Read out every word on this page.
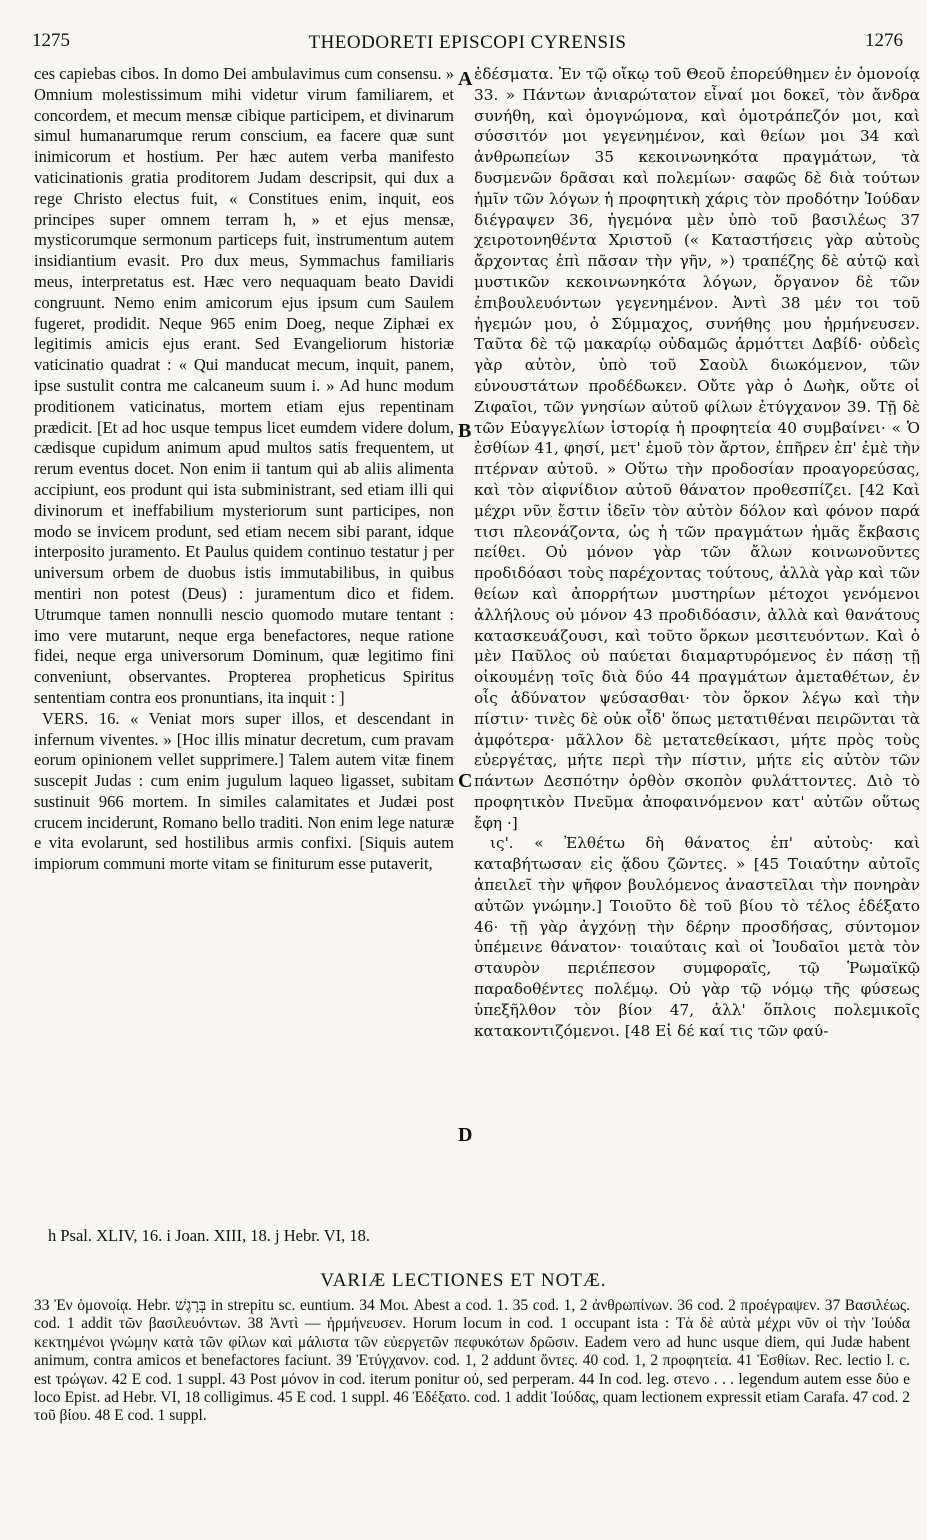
1275	THEODORETI EPISCOPI CYRENSIS	1276

ces capiebas cibos. In domo Dei ambulavimus cum consensu. » Omnium molestissimum mihi videtur virum familiarem, et concordem, et mecum mensæ cibique participem, et divinarum simul humanarumque rerum conscium, ea facere quæ sunt inimicorum et hostium. Per hæc autem verba manifesto vaticinationis gratia proditorem Judam descripsit, qui dux a rege Christo electus fuit, « Constitues enim, inquit, eos principes super omnem terram h, » et ejus mensæ, mysticorumque sermonum particeps fuit, instrumentum autem insidiantium evasit. Pro dux meus, Symmachus familiaris meus, interpretatus est. Hæc vero nequaquam beato Davidi congruunt. Nemo enim amicorum ejus ipsum cum Saulem fugeret, prodidit. Neque 965 enim Doeg, neque Ziphæi ex legitimis amicis ejus erant. Sed Evangeliorum historiæ vaticinatio quadrat : « Qui manducat mecum, inquit, panem, ipse sustulit contra me calcaneum suum i. » Ad hunc modum proditionem vaticinatus, mortem etiam ejus repentinam prædicit. [Et ad hoc usque tempus licet eumdem videre dolum, cædisque cupidum animum apud multos satis frequentem, ut rerum eventus docet. Non enim ii tantum qui ab aliis alimenta accipiunt, eos produnt qui ista subministrant, sed etiam illi qui divinorum et ineffabilium mysteriorum sunt participes, non modo se invicem produnt, sed etiam necem sibi parant, idque interposito juramento. Et Paulus quidem continuo testatur j per universum orbem de duobus istis immutabilibus, in quibus mentiri non potest (Deus) : juramentum dico et fidem. Utrumque tamen nonnulli nescio quomodo mutare tentant : imo vere mutarunt, neque erga benefactores, neque ratione fidei, neque erga universorum Dominum, quæ legitimo fini conveniunt, observantes. Propterea propheticus Spiritus sententiam contra eos pronuntians, ita inquit : ]

VERS. 16. « Veniat mors super illos, et descendant in infernum viventes. » [Hoc illis minatur decretum, cum pravam eorum opinionem vellet supprimere.] Talem autem vitæ finem suscepit Judas : cum enim jugulum laqueo ligasset, subitam sustinuit 966 mortem. In similes calamitates et Judæi post crucem inciderunt, Romano bello traditi. Non enim lege naturæ e vita evolarunt, sed hostilibus armis confixi. [Siquis autem impiorum communi morte vitam se finiturum esse putaverit,

ἐδέσματα. Ἐν τῷ οἴκῳ τοῦ Θεοῦ ἐπορεύθημεν ἐν ὁμονοίᾳ 33. » Πάντων ἀνιαρώτατον εἶναί μοι δοκεῖ, τὸν ἄνδρα συνήθη, καὶ ὁμογνώμονα, καὶ ὁμοτράπεζόν μοι, καὶ σύσσιτόν μοι γεγενημένον, καὶ θείων μοι 34 καὶ ἀνθρωπείων 35 κεκοινωνηκότα πραγμάτων, τὰ δυσμενῶν δρᾶσαι καὶ πολεμίων· σαφῶς δὲ διὰ τούτων ἡμῖν τῶν λόγων ἡ προφητικὴ χάρις τὸν προδότην Ἰούδαν διέγραψεν 36, ἡγεμόνα μὲν ὑπὸ τοῦ βασιλέως 37 χειροτονηθέντα Χριστοῦ (« Καταστήσεις γὰρ αὐτοὺς ἄρχοντας ἐπὶ πᾶσαν τὴν γῆν, ») τραπέζης δὲ αὐτῷ καὶ μυστικῶν κεκοινωνηκότα λόγων, ὄργανον δὲ τῶν ἐπιβουλευόντων γεγενημένον. Ἀντὶ 38 μέν τοι τοῦ ἡγεμών μου, ὁ Σύμμαχος, συνήθης μου ἡρμήνευσεν. Ταῦτα δὲ τῷ μακαρίῳ οὐδαμῶς ἁρμόττει Δαβίδ· οὐδεὶς γὰρ αὐτὸν, ὑπὸ τοῦ Σαοὺλ διωκόμενον, τῶν εὐνουστάτων προδέδωκεν. Οὔτε γὰρ ὁ Δωὴκ, οὔτε οἱ Ζιφαῖοι, τῶν γνησίων αὐτοῦ φίλων ἐτύγχανον 39. Τῇ δὲ τῶν Εὐαγγελίων ἱστορίᾳ ἡ προφητεία 40 συμβαίνει· « Ὁ ἐσθίων 41, φησί, μετ' ἐμοῦ τὸν ἄρτον, ἐπῆρεν ἐπ' ἐμὲ τὴν πτέρναν αὐτοῦ. » Οὕτω τὴν προδοσίαν προαγορεύσας, καὶ τὸν αἰφνίδιον αὐτοῦ θάνατον προθεσπίζει. [42 Καὶ μέχρι νῦν ἔστιν ἰδεῖν τὸν αὐτὸν δόλον καὶ φόνον παρά τισι πλεονάζοντα, ὡς ἡ τῶν πραγμάτων ἡμᾶς ἔκβασις πείθει. Οὐ μόνον γὰρ τῶν ἄλων κοινωνοῦντες προδιδόασι τοὺς παρέχοντας τούτους, ἀλλὰ γὰρ καὶ τῶν θείων καὶ ἀπορρήτων μυστηρίων μέτοχοι γενόμενοι ἀλλήλους οὐ μόνον 43 προδιδόασιν, ἀλλὰ καὶ θανάτους κατασκευάζουσι, καὶ τοῦτο ὅρκων μεσιτευόντων. Καὶ ὁ μὲν Παῦλος οὐ παύεται διαμαρτυρόμενος ἐν πάσῃ τῇ οἰκουμένῃ τοῖς διὰ δύο 44 πραγμάτων ἀμεταθέτων, ἐν οἷς ἀδύνατον ψεύσασθαι· τὸν ὅρκον λέγω καὶ τὴν πίστιν· τινὲς δὲ οὐκ οἶδ' ὅπως μετατιθέναι πειρῶνται τὰ ἀμφότερα· μᾶλλον δὲ μετατεθείκασι, μήτε πρὸς τοὺς εὐεργέτας, μήτε περὶ τὴν πίστιν, μήτε εἰς αὐτὸν τῶν πάντων Δεσπότην ὀρθὸν σκοπὸν φυλάττοντες. Διὸ τὸ προφητικὸν Πνεῦμα ἀποφαινόμενον κατ' αὐτῶν οὕτως ἔφη ·]

ις'. « Ἐλθέτω δὴ θάνατος ἐπ' αὐτοὺς· καὶ καταβήτωσαν εἰς ᾅδου ζῶντες. » [45 Τοιαύτην αὐτοῖς ἀπειλεῖ τὴν ψῆφον βουλόμενος ἀναστεῖλαι τὴν πονηρὰν αὐτῶν γνώμην.] Τοιοῦτο δὲ τοῦ βίου τὸ τέλος ἐδέξατο 46· τῇ γὰρ ἀγχόνῃ τὴν δέρην προσδήσας, σύντομον ὑπέμεινε θάνατον· τοιαύταις καὶ οἱ Ἰουδαῖοι μετὰ τὸν σταυρὸν περιέπεσον συμφοραῖς, τῷ Ῥωμαϊκῷ παραδοθέντες πολέμῳ. Οὐ γὰρ τῷ νόμῳ τῆς φύσεως ὑπεξῆλθον τὸν βίον 47, ἀλλ' ὅπλοις πολεμικοῖς κατακοντιζόμενοι. [48 Εἰ δέ καί τις τῶν φαύ-

A
B
C
D
h Psal. XLIV, 16. i Joan. XIII, 18. j Hebr. VI, 18.
VARIÆ LECTIONES ET NOTÆ.

33 Ἐν ὁμονοίᾳ. Hebr. בְּרָגֶשׁ in strepitu sc. euntium. 34 Μοι. Abest a cod. 1. 35 cod. 1, 2 ἀνθρωπίνων. 36 cod. 2 προέγραψεν. 37 Βασιλέως. cod. 1 addit τῶν βασιλευόντων. 38 Ἀντὶ — ἡρμήνευσεν. Horum locum in cod. 1 occupant ista : Τὰ δὲ αὐτὰ μέχρι νῦν οἱ τὴν Ἰούδα κεκτημένοι γνώμην κατὰ τῶν φίλων καὶ μάλιστα τῶν εὐεργετῶν πεφυκότων δρῶσιν. Eadem vero ad hunc usque diem, qui Judæ habent animum, contra amicos et benefactores faciunt. 39 Ἐτύγχανον. cod. 1, 2 addunt ὄντες. 40 cod. 1, 2 προφητεία. 41 Ἐσθίων. Rec. lectio l. c. est τρώγων. 42 E cod. 1 suppl. 43 Post μόνον in cod. iterum ponitur οὐ, sed perperam. 44 In cod. leg. στενο . . . legendum autem esse δύο e loco Epist. ad Hebr. VI, 18 colligimus. 45 E cod. 1 suppl. 46 Ἐδέξατο. cod. 1 addit Ἰούδας, quam lectionem expressit etiam Carafa. 47 cod. 2 τοῦ βίου. 48 E cod. 1 suppl.
